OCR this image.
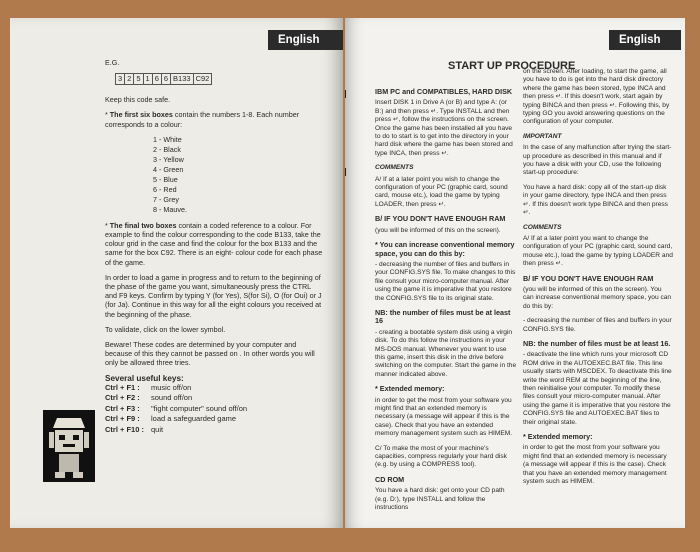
English

E.G.

3 2 5 1 6 6 B133 C92

Keep this code safe.

* The first six boxes contain the numbers 1-8. Each number corresponds to a colour:

1 - White
2 - Black
3 - Yellow
4 - Green
5 - Blue
6 - Red
7 - Grey
8 - Mauve.

* The final two boxes contain a coded reference to a colour. For example to find the colour corresponding to the code B133, take the colour grid in the case and find the colour for the box B133 and the same for the box C92. There is an eight- colour code for each phase of the game.

In order to load a game in progress and to return to the beginning of the phase of the game you want, simultaneously press the CTRL and F9 keys. Confirm by typing Y (for Yes), S(for Si), O (for Oui) or J (for Ja). Continue in this way for all the eight colours you received at the beginning of the phase.

To validate, click on the lower symbol.

Beware! These codes are determined by your computer and because of this they cannot be passed on . In other words you will only be allowed three tries.

Several useful keys:
Ctrl + F1 :	music off/on
Ctrl + F2 :	sound off/on
Ctrl + F3 :	"fight computer" sound off/on
Ctrl + F9 :	load a safeguarded game
Ctrl + F10 : quit
English
START UP PROCEDURE
IBM PC and COMPATIBLES, HARD DISK

Insert DISK 1 in Drive A (or B) and type A: (or B:) and then press ↵. Type INSTALL and then press ↵, follow the instructions on the screen. Once the game has been installed all you have to do to start is to get into the directory in your hard disk where the game has been stored and type INCA, then press ↵.

COMMENTS

A/ If at a later point you wish to change the configuration of your PC (graphic card, sound card, mouse etc.), load the game by typing LOADER, then press ↵.

B/ IF YOU DON'T HAVE ENOUGH RAM

(you will be informed of this on the screen).

* You can increase conventional memory space, you can do this by:

- decreasing the number of files and buffers in your CONFIG.SYS file. To make changes to this file consult your micro-computer manual. After using the game it is imperative that you restore the CONFIG.SYS file to its original state.

NB: the number of files must be at least 16

- creating a bootable system disk using a virgin disk. To do this follow the instructions in your MS-DOS manual. Whenever you want to use this game, insert this disk in the drive before switching on the computer. Start the game in the manner indicated above.

* Extended memory:

in order to get the most from your software you might find that an extended memory is necessary (a message will appear if this is the case). Check that you have an extended memory management system such as HIMEM.

C/ To make the most of your machine's capacities, compress regularly your hard disk (e.g. by using a COMPRESS tool).

CD ROM

You have a hard disk: get onto your CD path (e.g. D:), type INSTALL and follow the instructions

on the screen. After loading, to start the game, all you have to do is get into the hard disk directory where the game has been stored, type INCA and then press ↵. If this doesn't work, start again by typing BINCA and then press ↵. Following this, by typing GO you avoid answering questions on the configuration of your computer.

IMPORTANT

In the case of any malfunction after trying the start-up procedure as described in this manual and if you have a disk with your CD, use the following start-up procedure:

You have a hard disk: copy all of the start-up disk in your game directory, type INCA and then press ↵. If this doesn't work type BINCA and then press ↵.

COMMENTS

A/ If at a later point you want to change the configuration of your PC (graphic card, sound card, mouse etc.), load the game by typing LOADER and then press ↵.

B/ IF YOU DON'T HAVE ENOUGH RAM

(you will be informed of this on the screen). You can increase conventional memory space, you can do this by:

- decreasing the number of files and buffers in your CONFIG.SYS file.

NB: the number of files must be at least 16.

- deactivate the line which runs your microsoft CD ROM drive in the AUTOEXEC.BAT file. This line usually starts with MSCDEX. To deactivate this line write the word REM at the beginning of the line, then reinitialise your computer. To modify these files consult your micro-computer manual. After using the game it is imperative that you restore the CONFIG.SYS file and AUTOEXEC.BAT files to their original state.

* Extended memory:

in order to get the most from your software you might find that an extended memory is necessary (a message will appear if this is the case). Check that you have an extended memory management system such as HIMEM.
